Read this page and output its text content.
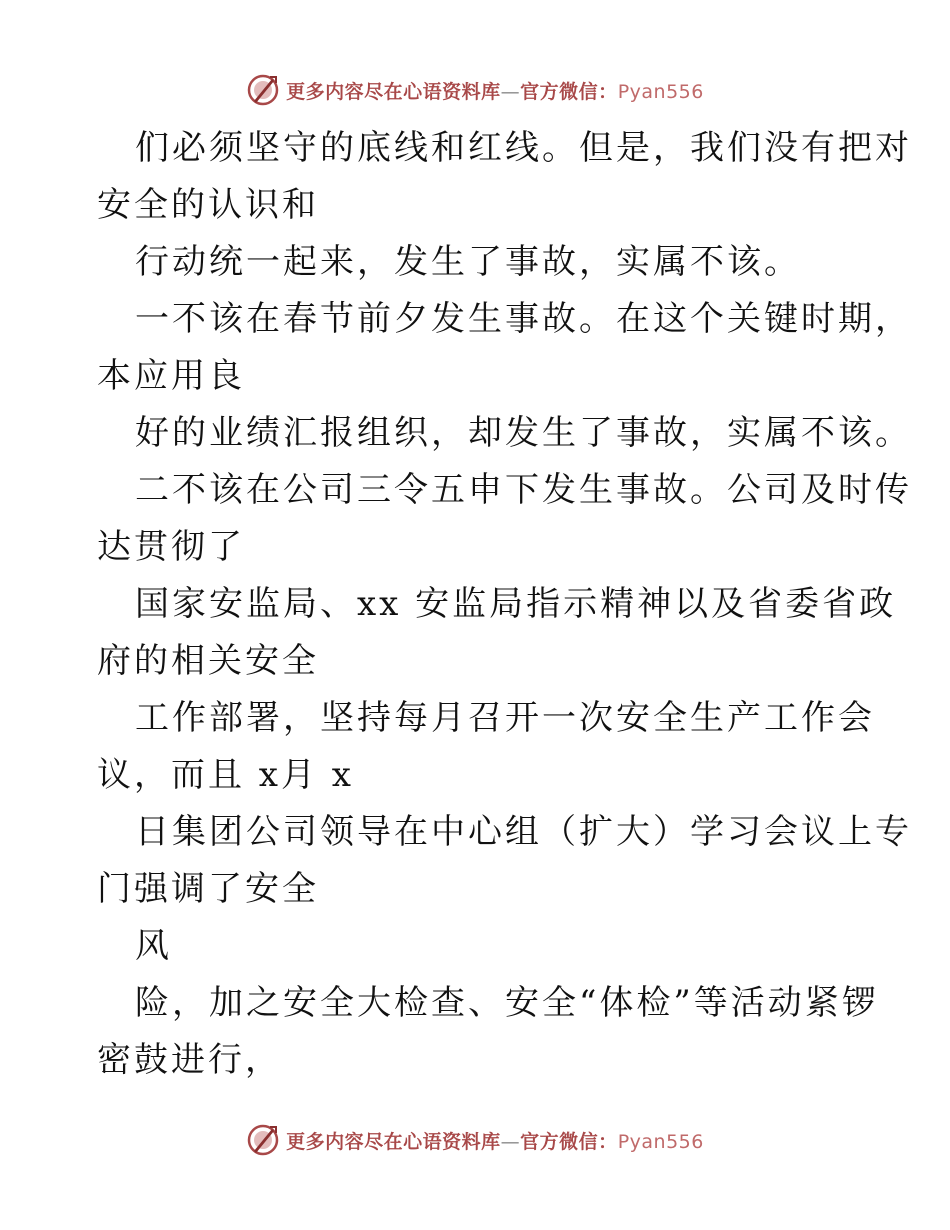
更多内容尽在心语资料库—官方微信：Pyan556

们必须坚守的底线和红线。但是，我们没有把对

安全的认识和

行动统一起来，发生了事故，实属不该。

一不该在春节前夕发生事故。在这个关键时期，

本应用良

好的业绩汇报组织，却发生了事故，实属不该。

二不该在公司三令五申下发生事故。公司及时传

达贯彻了

国家安监局、xx 安监局指示精神以及省委省政

府的相关安全

工作部署，坚持每月召开一次安全生产工作会

议，而且 x月 x

日集团公司领导在中心组（扩大）学习会议上专

门强调了安全

风

险，加之安全大检查、安全“体检”等活动紧锣

密鼓进行，

更多内容尽在心语资料库—官方微信：Pyan556
